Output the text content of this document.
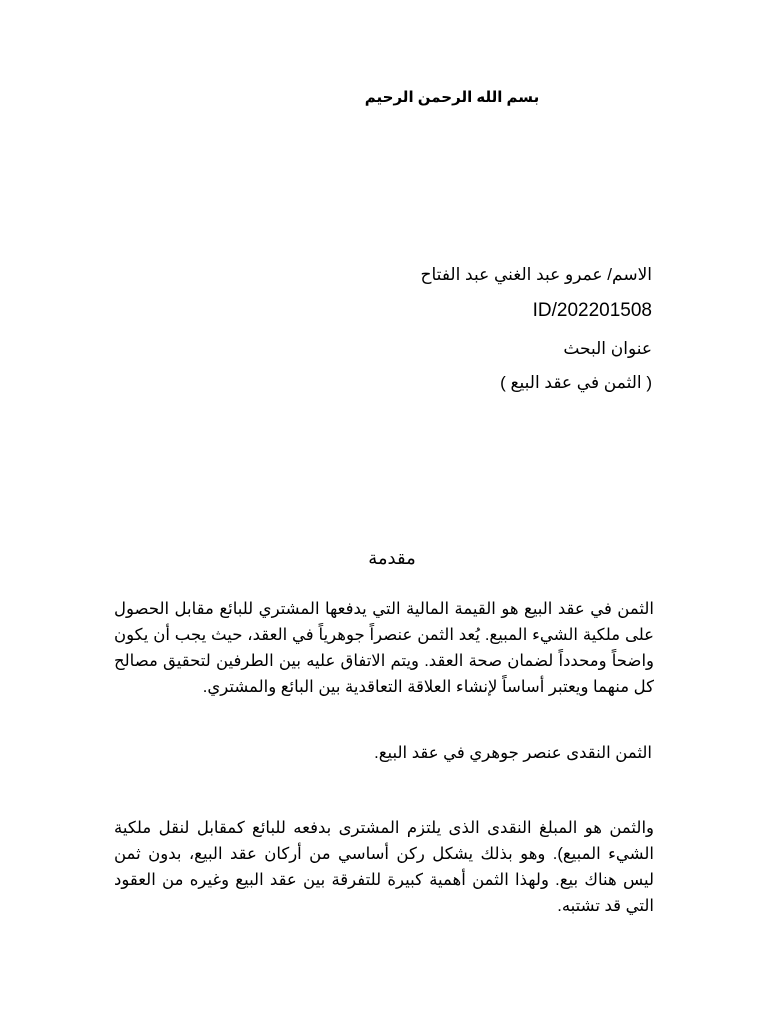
بسم الله الرحمن الرحيم

الاسم/ عمرو عبد الغني عبد الفتاح

ID/202201508

عنوان البحث

( الثمن في عقد البيع )

مقدمة

الثمن في عقد البيع هو القيمة المالية التي يدفعها المشتري للبائع مقابل الحصول على ملكية الشيء المبيع. يُعد الثمن عنصراً جوهرياً في العقد، حيث يجب أن يكون واضحاً ومحدداً لضمان صحة العقد. ويتم الاتفاق عليه بين الطرفين لتحقيق مصالح كل منهما ويعتبر أساساً لإنشاء العلاقة التعاقدية بين البائع والمشتري.

الثمن النقدى عنصر جوهري في عقد البيع.

والثمن هو المبلغ النقدى الذى يلتزم المشترى بدفعه للبائع كمقابل لنقل ملكية الشيء المبيع). وهو بذلك يشكل ركن أساسي من أركان عقد البيع، بدون ثمن ليس هناك بيع. ولهذا الثمن أهمية كبيرة للتفرقة بين عقد البيع وغيره من العقود التي قد تشتبه.
